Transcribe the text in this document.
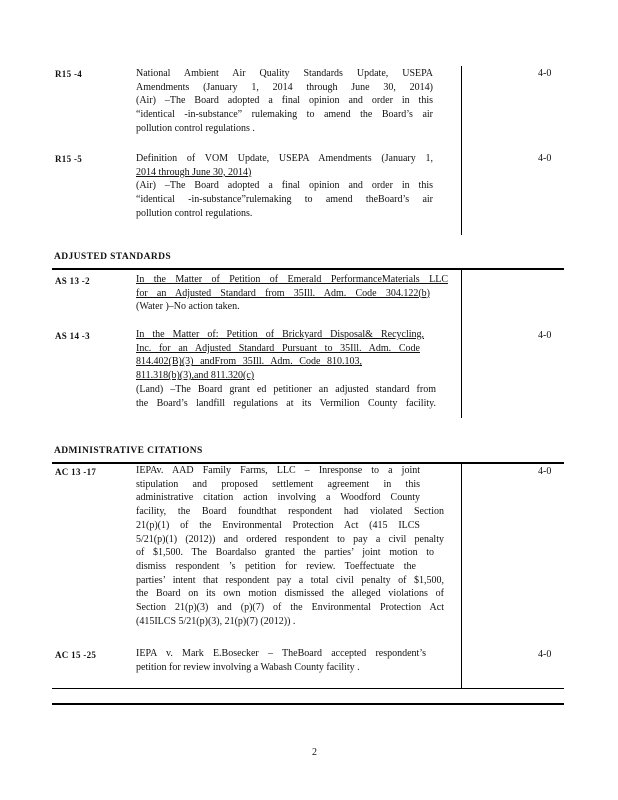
R15 -4	National Ambient Air Quality Standards Update, USEPA
Amendments (January 1, 2014 through June 30, 2014)
(Air) –The Board adopted a final opinion and order in this
“identical -in-substance” rulemaking to amend the Board’s air
pollution control regulations .
4-0
R15 -5	Definition of VOM Update, USEPA Amendments (January 1,
2014 through June 30, 2014)
(Air) –The Board adopted a final opinion and order in this
“identical -in-substance”rulemaking to amend theBoard’s air
pollution control regulations.
4-0
ADJUSTED STANDARDS
AS 13 -2	In the Matter of Petition of Emerald PerformanceMaterials LLC
for an Adjusted Standard from 35Ill. Adm. Code 304.122(b)
(Water )–No action taken.
AS 14 -3	In the Matter of: Petition of Brickyard Disposal& Recycling,
Inc. for an Adjusted Standard Pursuant to 35Ill. Adm. Code
814.402(B)(3) andFrom 35Ill. Adm. Code 810.103,
811.318(b)(3),and 811.320(c)
(Land) –The Board grant ed petitioner an adjusted standard from
the Board’s landfill regulations at its Vermilion County facility.
4-0
ADMINISTRATIVE CITATIONS
AC 13 -17	IEPAv. AAD Family Farms, LLC – Inresponse to a joint
stipulation and proposed settlement agreement in this
administrative citation action involving a Woodford County
facility, the Board foundthat respondent had violated Section
21(p)(1) of the Environmental Protection Act (415 ILCS
5/21(p)(1) (2012)) and ordered respondent to pay a civil penalty
of $1,500. The Boardalso granted the parties’ joint motion to
dismiss respondent ’s petition for review. Toeffectuate the
parties’ intent that respondent pay a total civil penalty of $1,500,
the Board on its own motion dismissed the alleged violations of
Section 21(p)(3) and (p)(7) of the Environmental Protection Act
(415ILCS 5/21(p)(3), 21(p)(7) (2012)) .
4-0
AC 15 -25	IEPA v. Mark E.Bosecker – TheBoard accepted respondent’s
petition for review involving a Wabash County facility .
4-0
2
